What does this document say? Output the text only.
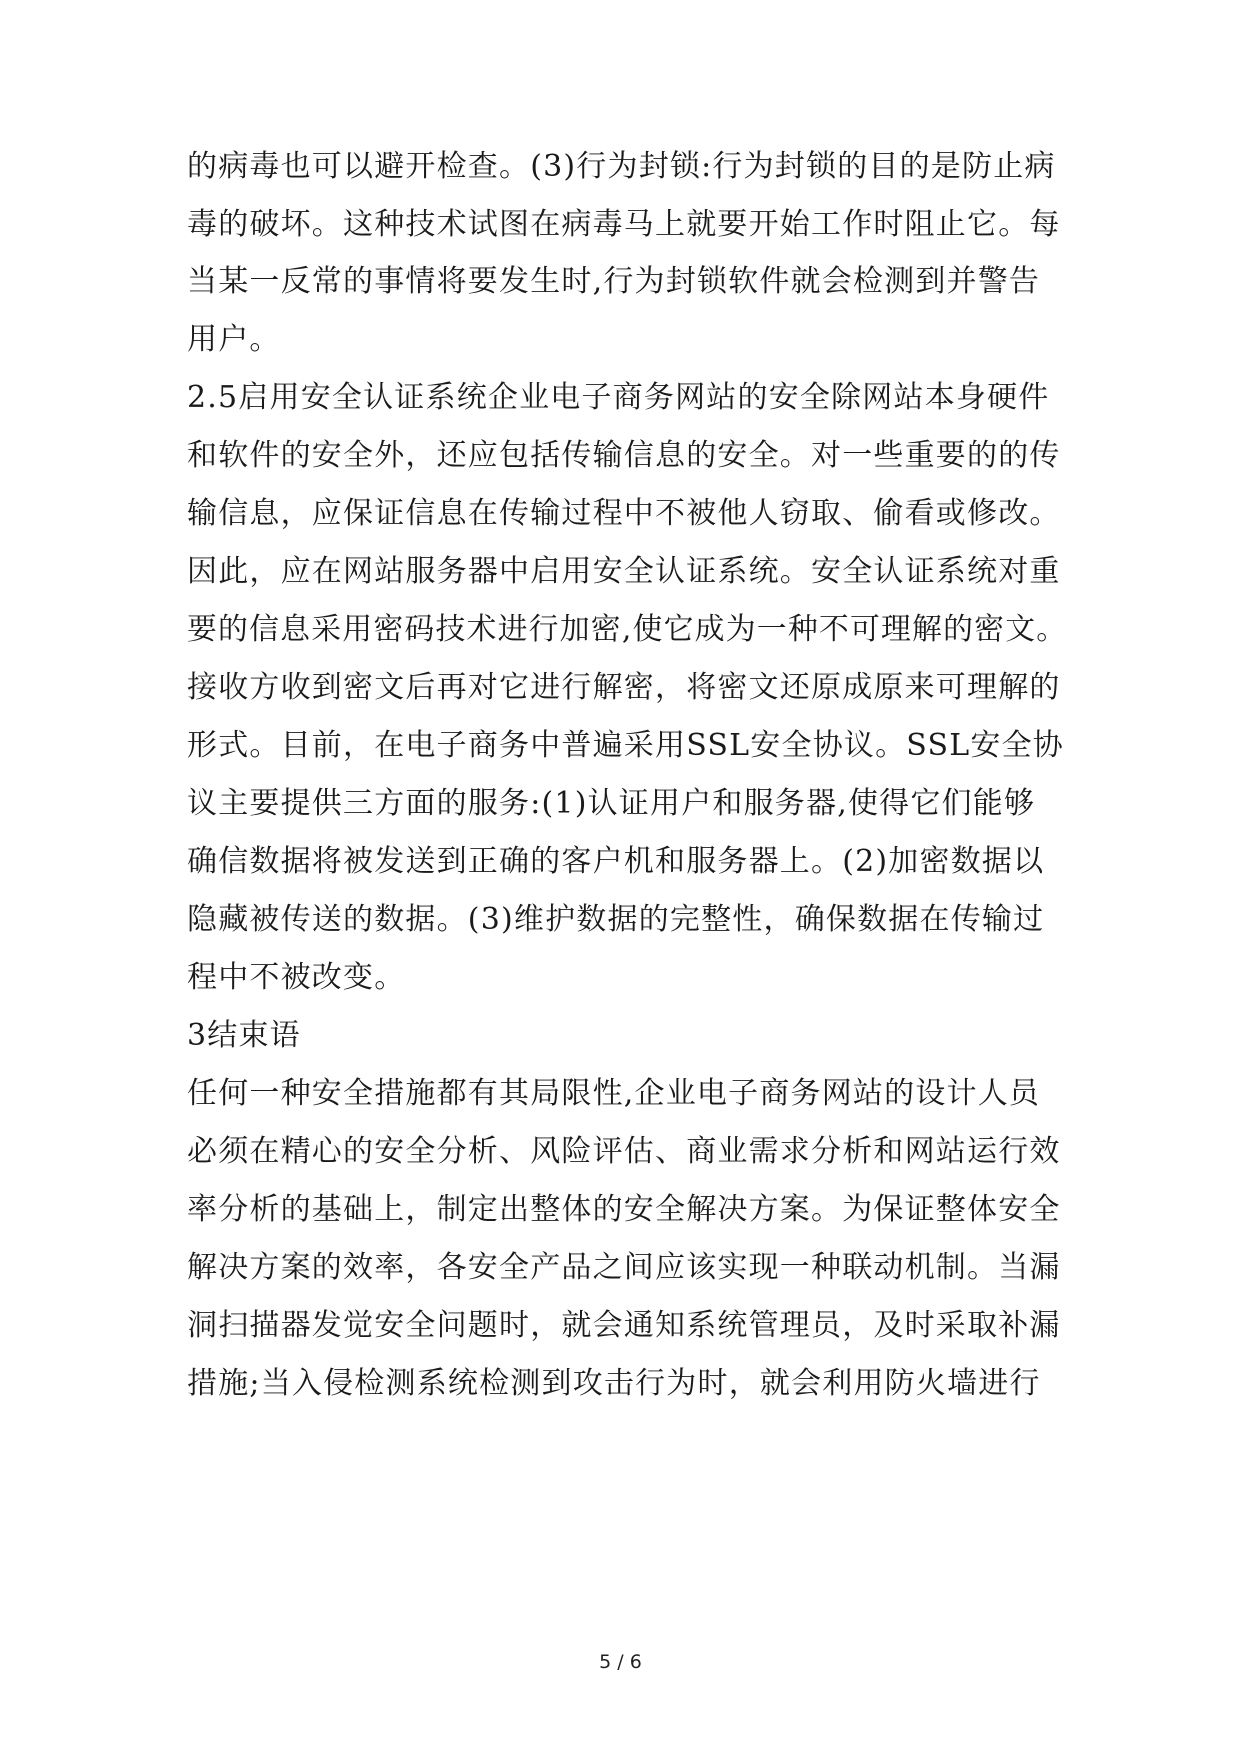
的病毒也可以避开检查。(3)行为封锁:行为封锁的目的是防止病
毒的破坏。这种技术试图在病毒马上就要开始工作时阻止它。每
当某一反常的事情将要发生时,行为封锁软件就会检测到并警告
用户。
2.5启用安全认证系统企业电子商务网站的安全除网站本身硬件
和软件的安全外，还应包括传输信息的安全。对一些重要的的传
输信息，应保证信息在传输过程中不被他人窃取、偷看或修改。
因此，应在网站服务器中启用安全认证系统。安全认证系统对重
要的信息采用密码技术进行加密,使它成为一种不可理解的密文。
接收方收到密文后再对它进行解密，将密文还原成原来可理解的
形式。目前，在电子商务中普遍采用SSL安全协议。SSL安全协
议主要提供三方面的服务:(1)认证用户和服务器,使得它们能够
确信数据将被发送到正确的客户机和服务器上。(2)加密数据以
隐藏被传送的数据。(3)维护数据的完整性，确保数据在传输过
程中不被改变。
3结束语
任何一种安全措施都有其局限性,企业电子商务网站的设计人员
必须在精心的安全分析、风险评估、商业需求分析和网站运行效
率分析的基础上，制定出整体的安全解决方案。为保证整体安全
解决方案的效率，各安全产品之间应该实现一种联动机制。当漏
洞扫描器发觉安全问题时，就会通知系统管理员，及时采取补漏
措施;当入侵检测系统检测到攻击行为时，就会利用防火墙进行
5 / 6
